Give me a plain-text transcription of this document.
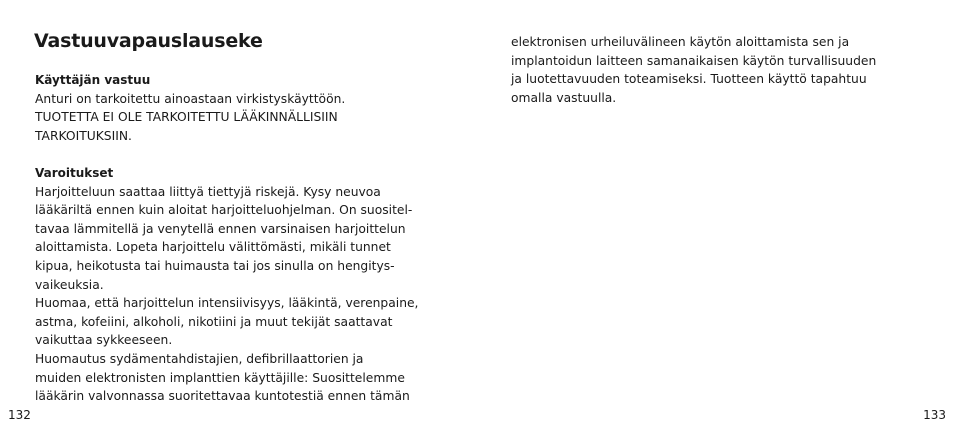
Vastuuvapauslauseke
Käyttäjän vastuu
Anturi on tarkoitettu ainoastaan virkistyskäyttöön.
TUOTETTA EI OLE TARKOITETTU LÄÄKINNÄLLISIIN
TARKOITUKSIIN.
Varoitukset
Harjoitteluun saattaa liittyä tiettyjä riskejä. Kysy neuvoa
lääkäriltä ennen kuin aloitat harjoitteluohjelman. On suositel-
tavaa lämmitellä ja venytellä ennen varsinaisen harjoittelun
aloittamista. Lopeta harjoittelu välittömästi, mikäli tunnet
kipua, heikotusta tai huimausta tai jos sinulla on hengitys-
vaikeuksia.
Huomaa, että harjoittelun intensiivisyys, lääkintä, verenpaine,
astma, kofeiini, alkoholi, nikotiini ja muut tekijät saattavat
vaikuttaa sykkeeseen.
Huomautus sydämentahdistajien, defibrillaattorien ja
muiden elektronisten implanttien käyttäjille: Suosittelemme
lääkärin valvonnassa suoritettavaa kuntotestiä ennen tämän
132
elektronisen urheiluvälineen käytön aloittamista sen ja
implantoidun laitteen samanaikaisen käytön turvallisuuden
ja luotettavuuden toteamiseksi. Tuotteen käyttö tapahtuu
omalla vastuulla.
133
